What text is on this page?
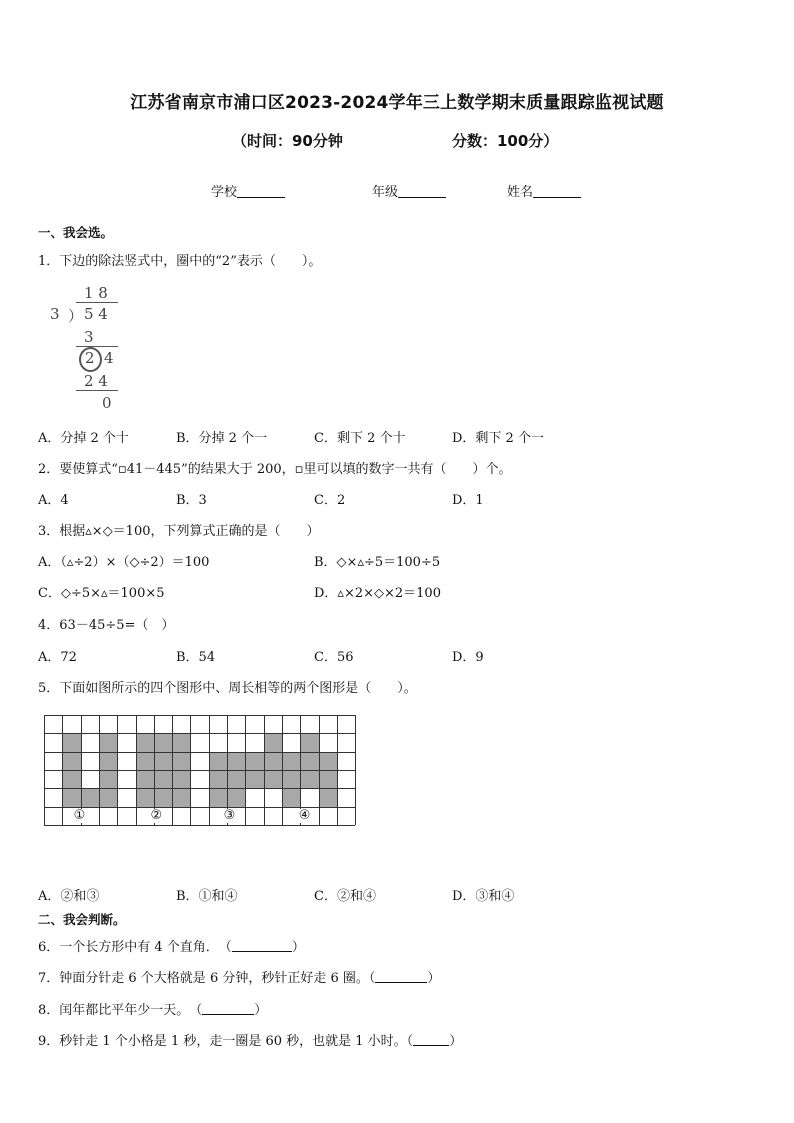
江苏省南京市浦口区2023-2024学年三上数学期末质量跟踪监视试题
（时间：90分钟	分数：100分）
学校	年级	姓名
一、我会选。
1．下边的除法竖式中，圈中的“2”表示（　　）。
1 8
3 ） 5 4
3
2 4
2 4
0
A．分掉 2 个十	B．分掉 2 个一	C．剩下 2 个十	D．剩下 2 个一
2．要使算式“▫41－445”的结果大于 200，▫里可以填的数字一共有（　　）个。
A．4	B．3	C．2	D．1
3．根据▵×◇＝100，下列算式正确的是（　　）
A．（▵÷2）×（◇÷2）＝100	B．◇×▵÷5＝100÷5
C．◇÷5×▵＝100×5	D．▵×2×◇×2＝100
4．63－45÷5=（　）
A．72	B．54	C．56	D．9
5．下面如图所示的四个图形中、周长相等的两个图形是（　　）。
①	②	③	④
A．②和③	B．①和④	C．②和④	D．③和④
二、我会判断。
6．一个长方形中有 4 个直角．　（	）
7．钟面分针走 6 个大格就是 6 分钟，秒针正好走 6 圈。（	）
8．闰年都比平年少一天。　（	）
9．秒针走 1 个小格是 1 秒，走一圈是 60 秒，也就是 1 小时。（	）
